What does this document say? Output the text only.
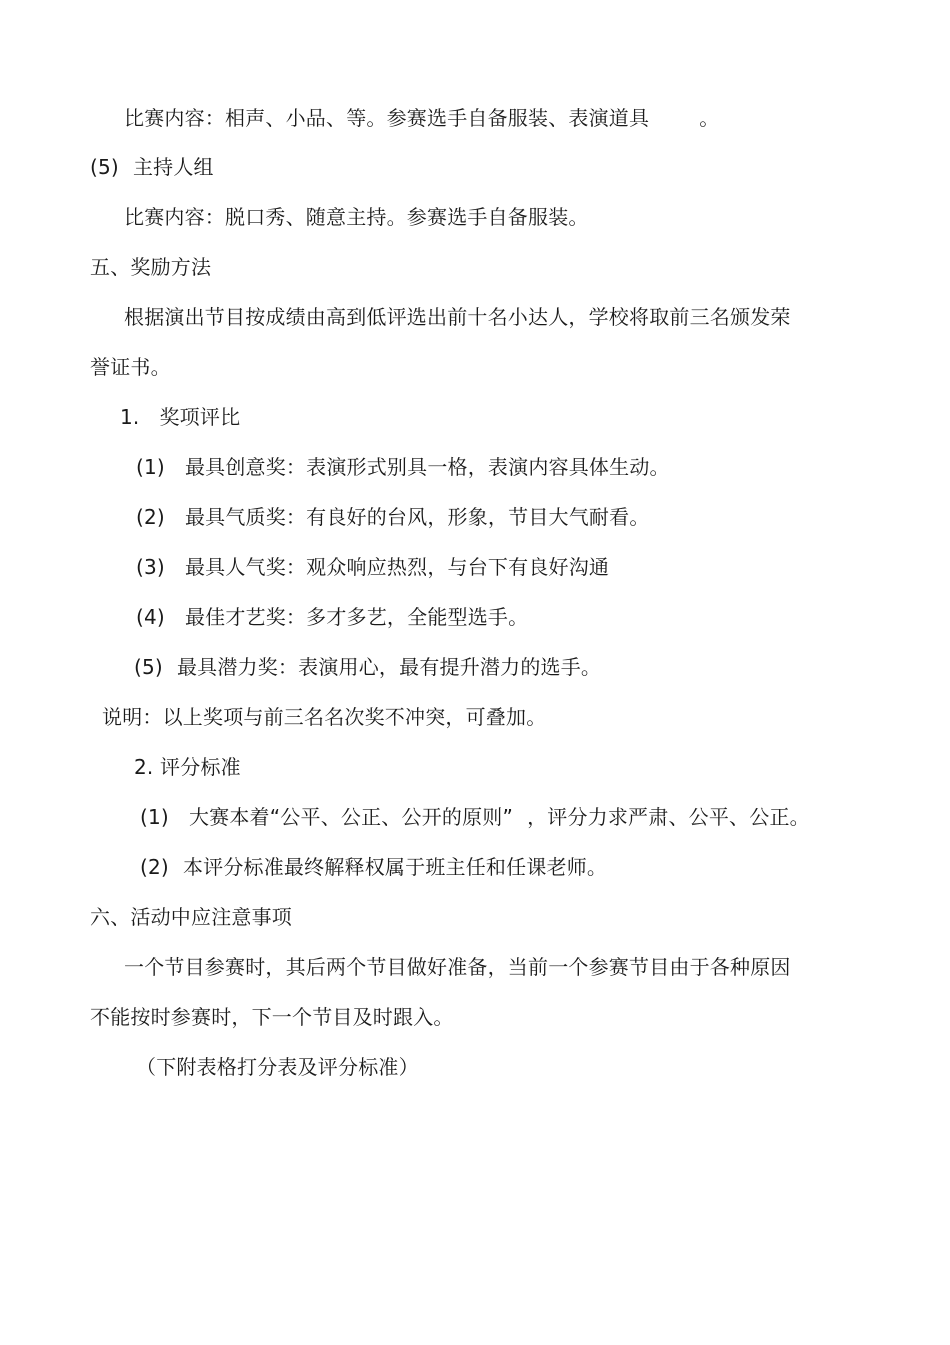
比赛内容：相声、小品、等。参赛选手自备服装、表演道具	。
(5) 主持人组
比赛内容：脱口秀、随意主持。参赛选手自备服装。
五、奖励方法
根据演出节目按成绩由高到低评选出前十名小达人，学校将取前三名颁发荣
誉证书。
1. 奖项评比
(1) 最具创意奖：表演形式别具一格，表演内容具体生动。
(2) 最具气质奖：有良好的台风，形象，节目大气耐看。
(3) 最具人气奖：观众响应热烈，与台下有良好沟通
(4) 最佳才艺奖：多才多艺，全能型选手。
(5) 最具潜力奖：表演用心，最有提升潜力的选手。
说明：以上奖项与前三名名次奖不冲突，可叠加。
2. 评分标准
(1) 大赛本着“公平、公正、公开的原则” ，评分力求严肃、公平、公正。
(2) 本评分标准最终解释权属于班主任和任课老师。
六、活动中应注意事项
一个节目参赛时，其后两个节目做好准备，当前一个参赛节目由于各种原因
不能按时参赛时，下一个节目及时跟入。
（下附表格打分表及评分标准）
